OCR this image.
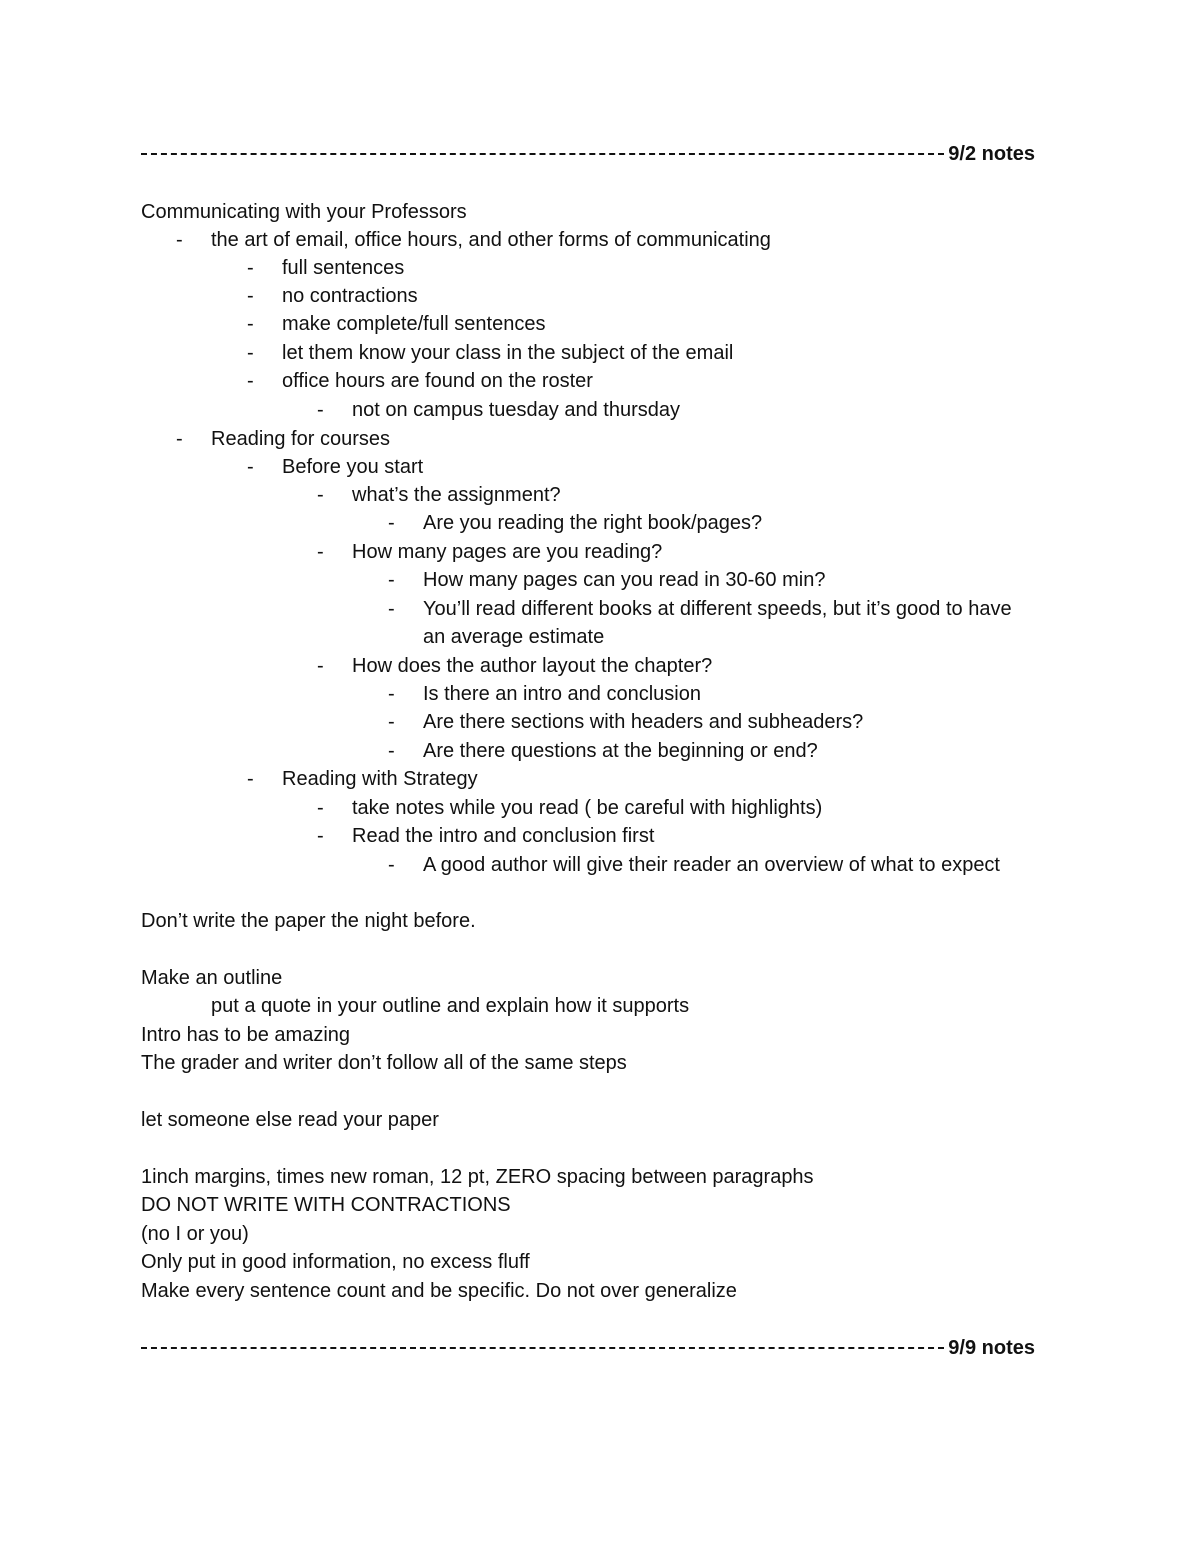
9/2 notes
Communicating with your Professors
- the art of email, office hours, and other forms of communicating
- full sentences
- no contractions
- make complete/full sentences
- let them know your class in the subject of the email
- office hours are found on the roster
- not on campus tuesday and thursday
- Reading for courses
- Before you start
- what’s the assignment?
- Are you reading the right book/pages?
- How many pages are you reading?
- How many pages can you read in 30-60 min?
- You’ll read different books at different speeds, but it’s good to have
an average estimate
- How does the author layout the chapter?
- Is there an intro and conclusion
- Are there sections with headers and subheaders?
- Are there questions at the beginning or end?
- Reading with Strategy
- take notes while you read ( be careful with highlights)
- Read the intro and conclusion first
- A good author will give their reader an overview of what to expect
Don’t write the paper the night before.
Make an outline
put a quote in your outline and explain how it supports
Intro has to be amazing
The grader and writer don’t follow all of the same steps
let someone else read your paper
1inch margins, times new roman, 12 pt, ZERO spacing between paragraphs
DO NOT WRITE WITH CONTRACTIONS
(no I or you)
Only put in good information, no excess fluff
Make every sentence count and be specific. Do not over generalize
9/9 notes
